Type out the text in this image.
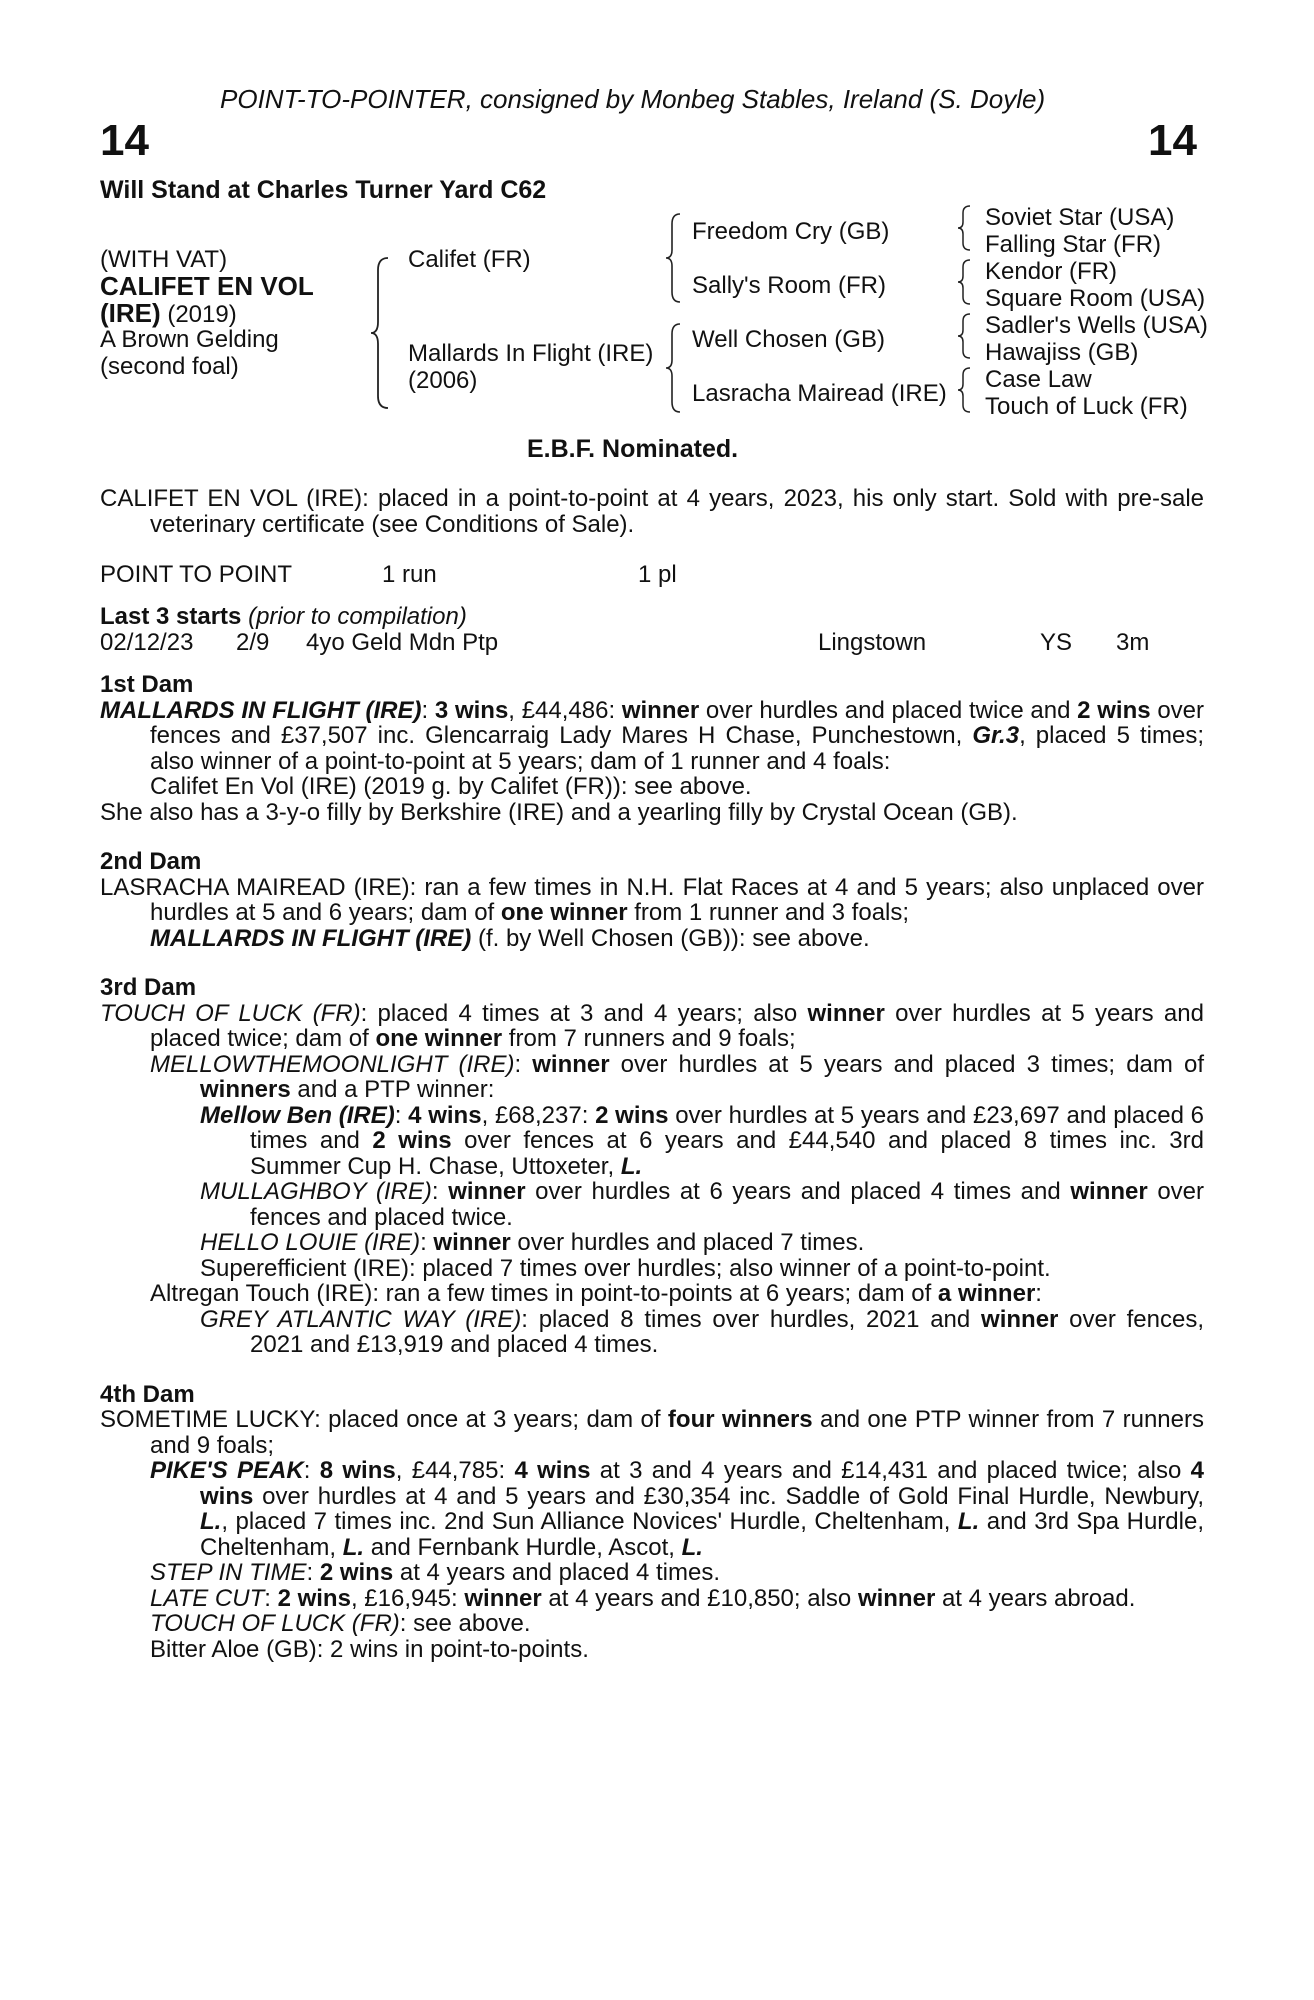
POINT-TO-POINTER, consigned by Monbeg Stables, Ireland (S. Doyle)
14	14
Will Stand at Charles Turner Yard C62
(WITH VAT)
CALIFET EN VOL
(IRE) (2019)
A Brown Gelding
(second foal)
Califet (FR)
Mallards In Flight (IRE)
(2006)
Freedom Cry (GB)
Sally's Room (FR)
Well Chosen (GB)
Lasracha Mairead (IRE)
Soviet Star (USA)
Falling Star (FR)
Kendor (FR)
Square Room (USA)
Sadler's Wells (USA)
Hawajiss (GB)
Case Law
Touch of Luck (FR)
E.B.F. Nominated.

CALIFET EN VOL (IRE): placed in a point-to-point at 4 years, 2023, his only start. Sold with pre-sale veterinary certificate (see Conditions of Sale).

POINT TO POINT	1 run	1 pl
Last 3 starts (prior to compilation)
02/12/23 2/9 4yo Geld Mdn Ptp	Lingstown	YS 3m
1st Dam

MALLARDS IN FLIGHT (IRE): 3 wins, £44,486: winner over hurdles and placed twice and 2 wins over fences and £37,507 inc. Glencarraig Lady Mares H Chase, Punchestown, Gr.3, placed 5 times; also winner of a point-to-point at 5 years; dam of 1 runner and 4 foals:

Califet En Vol (IRE) (2019 g. by Califet (FR)): see above.

She also has a 3-y-o filly by Berkshire (IRE) and a yearling filly by Crystal Ocean (GB).

2nd Dam

LASRACHA MAIREAD (IRE): ran a few times in N.H. Flat Races at 4 and 5 years; also unplaced over hurdles at 5 and 6 years; dam of one winner from 1 runner and 3 foals;

MALLARDS IN FLIGHT (IRE) (f. by Well Chosen (GB)): see above.

3rd Dam

TOUCH OF LUCK (FR): placed 4 times at 3 and 4 years; also winner over hurdles at 5 years and placed twice; dam of one winner from 7 runners and 9 foals;

MELLOWTHEMOONLIGHT (IRE): winner over hurdles at 5 years and placed 3 times; dam of winners and a PTP winner:

Mellow Ben (IRE): 4 wins, £68,237: 2 wins over hurdles at 5 years and £23,697 and placed 6 times and 2 wins over fences at 6 years and £44,540 and placed 8 times inc. 3rd Summer Cup H. Chase, Uttoxeter, L.

MULLAGHBOY (IRE): winner over hurdles at 6 years and placed 4 times and winner over fences and placed twice.

HELLO LOUIE (IRE): winner over hurdles and placed 7 times.

Superefficient (IRE): placed 7 times over hurdles; also winner of a point-to-point.

Altregan Touch (IRE): ran a few times in point-to-points at 6 years; dam of a winner:

GREY ATLANTIC WAY (IRE): placed 8 times over hurdles, 2021 and winner over fences, 2021 and £13,919 and placed 4 times.

4th Dam

SOMETIME LUCKY: placed once at 3 years; dam of four winners and one PTP winner from 7 runners and 9 foals;

PIKE'S PEAK: 8 wins, £44,785: 4 wins at 3 and 4 years and £14,431 and placed twice; also 4 wins over hurdles at 4 and 5 years and £30,354 inc. Saddle of Gold Final Hurdle, Newbury, L., placed 7 times inc. 2nd Sun Alliance Novices' Hurdle, Cheltenham, L. and 3rd Spa Hurdle, Cheltenham, L. and Fernbank Hurdle, Ascot, L.

STEP IN TIME: 2 wins at 4 years and placed 4 times.

LATE CUT: 2 wins, £16,945: winner at 4 years and £10,850; also winner at 4 years abroad.

TOUCH OF LUCK (FR): see above.

Bitter Aloe (GB): 2 wins in point-to-points.
